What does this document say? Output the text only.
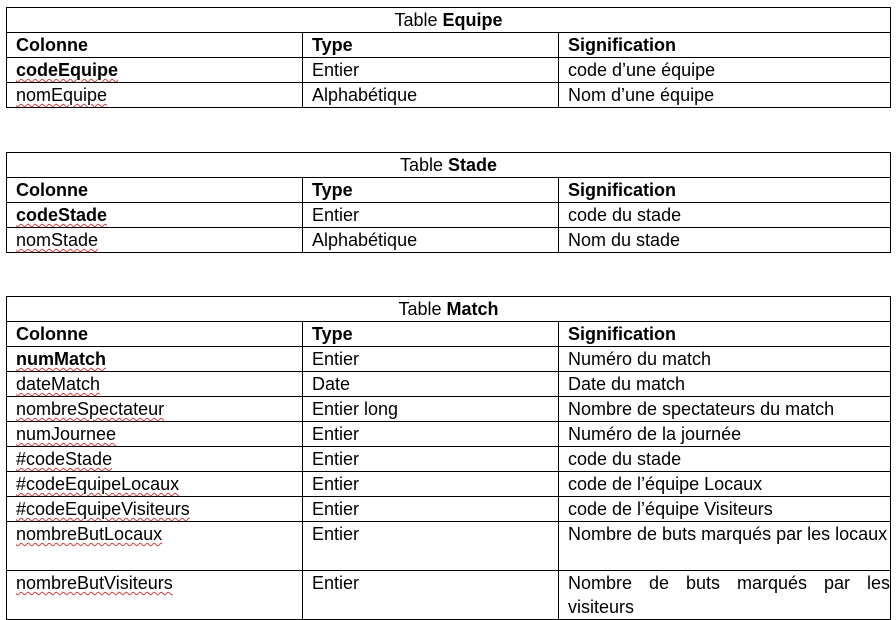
Table Equipe		
Colonne	Type	Signification
codeEquipe	Entier	code d’une équipe
nomEquipe	Alphabétique	Nom d’une équipe
Table Stade		
Colonne	Type	Signification
codeStade	Entier	code du stade
nomStade	Alphabétique	Nom du stade
Table Match		
Colonne	Type	Signification
numMatch	Entier	Numéro du match
dateMatch	Date	Date du match
nombreSpectateur	Entier long	Nombre de spectateurs du match
numJournee	Entier	Numéro de la journée
#codeStade	Entier	code du stade
#codeEquipeLocaux	Entier	code de l’équipe Locaux
#codeEquipeVisiteurs	Entier	code de l’équipe Visiteurs
nombreButLocaux	Entier	Nombre de buts marqués par les locaux
nombreButVisiteurs	Entier	Nombre de buts marqués par les visiteurs
